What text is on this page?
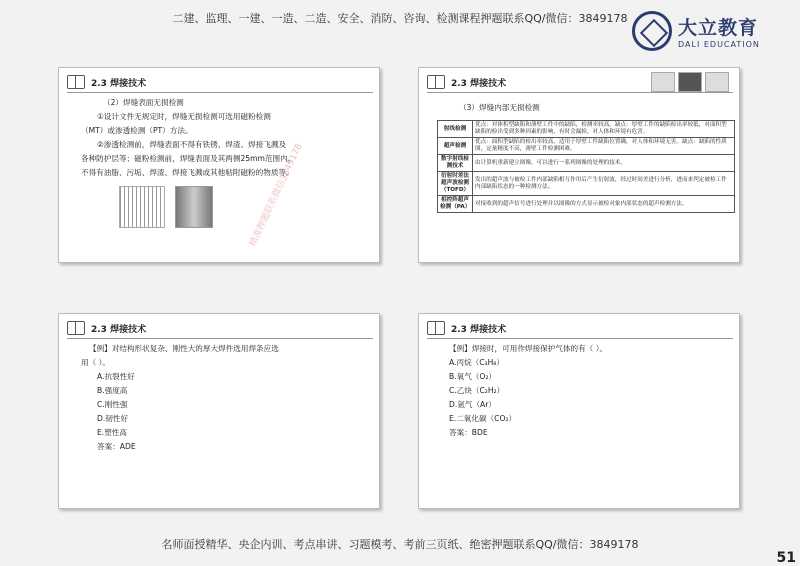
二建、监理、一建、一造、二造、安全、消防、咨询、检测课程押题联系QQ/微信：3849178	大立教育
DALI EDUCATION
2.3 焊接技术
（2）焊缝表面无损检测
①设计文件无规定时，焊缝无损检测可选用磁粉检测
（MT）或渗透检测（PT）方法。
②渗透检测前，焊缝表面不得有铁锈、焊渣、焊接飞溅及
各种防护层等；磁粉检测前，焊缝表面及其两侧25mm范围内，
不得有油脂、污垢、焊渣、焊接飞溅或其他粘附磁粉的物质等。
精准押题联系微信3849178
2.3 焊接技术
（3）焊缝内部无损检测
射线检测	优点：对体积型缺陷和薄壁工件中的缺陷，检测率较高。缺点：厚壁工件的缺陷检出率较低，对面积型缺陷的检出受到多种因素的影响，有时会漏检，对人体和环境有危害。
超声检测	优点：面积型缺陷的检出率较高，适用于厚壁工件缺陷位置确，对人体和环境无害。缺点：缺陷的性质图，定量精度不高，薄壁工件检测困难。
数字射线检测技术	由计算机重新建立图像，可以进行一系列图像的处理的技术。
衍射时差法超声波检测（TOFD）	发出的超声波与被检工件内部缺陷相互作用后产生衍射波，经过时间差进行分析，进而来判定被检工件内部缺陷状态的一种检测方法。
相控阵超声检测（PA）	对接收到的超声信号进行处理并以图像的方式显示被检对象内部状态的超声检测方法。
2.3 焊接技术
【例】对结构形状复杂、刚性大的厚大焊件选用焊条应选
用（ ）。
A.抗裂性好
B.强度高
C.刚性强
D.韧性好
E.塑性高
答案：ADE
2.3 焊接技术
【例】焊接时，可用作焊接保护气体的有（ ）。
A.丙烷（C₃H₈）
B.氧气（O₂）
C.乙炔（C₂H₂）
D.氩气（Ar）
E.二氧化碳（CO₂）
答案：BDE
名师面授精华、央企内训、考点串讲、习题模考、考前三页纸、绝密押题联系QQ/微信：3849178
51
